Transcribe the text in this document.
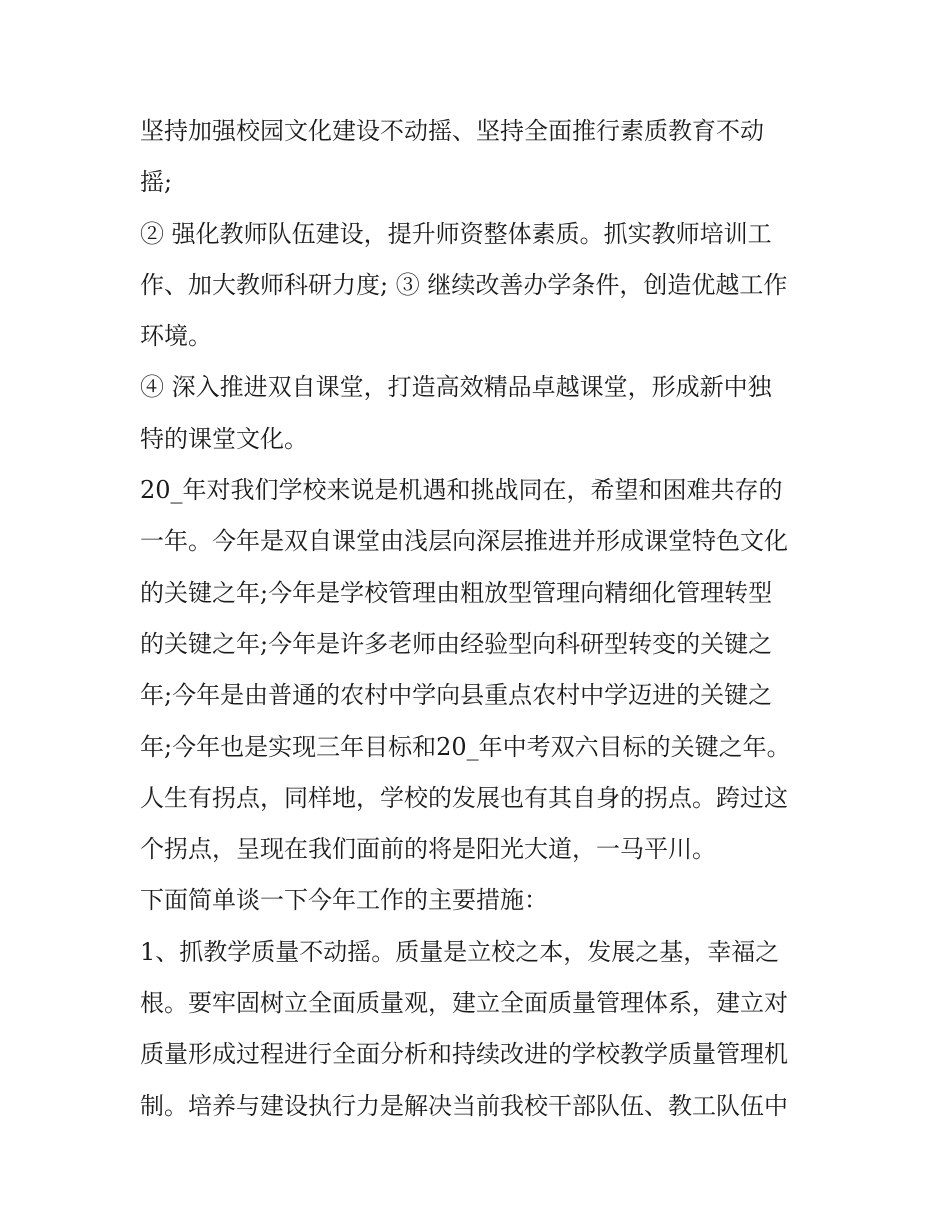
坚持加强校园文化建设不动摇、坚持全面推行素质教育不动
摇;
② 强化教师队伍建设，提升师资整体素质。抓实教师培训工
作、加大教师科研力度; ③ 继续改善办学条件，创造优越工作
环境。
④ 深入推进双自课堂，打造高效精品卓越课堂，形成新中独
特的课堂文化。
20_年对我们学校来说是机遇和挑战同在，希望和困难共存的
一年。今年是双自课堂由浅层向深层推进并形成课堂特色文化
的关键之年;今年是学校管理由粗放型管理向精细化管理转型
的关键之年;今年是许多老师由经验型向科研型转变的关键之
年;今年是由普通的农村中学向县重点农村中学迈进的关键之
年;今年也是实现三年目标和20_年中考双六目标的关键之年。
人生有拐点，同样地，学校的发展也有其自身的拐点。跨过这
个拐点，呈现在我们面前的将是阳光大道，一马平川。
下面简单谈一下今年工作的主要措施：
1、抓教学质量不动摇。质量是立校之本，发展之基，幸福之
根。要牢固树立全面质量观，建立全面质量管理体系，建立对
质量形成过程进行全面分析和持续改进的学校教学质量管理机
制。培养与建设执行力是解决当前我校干部队伍、教工队伍中
